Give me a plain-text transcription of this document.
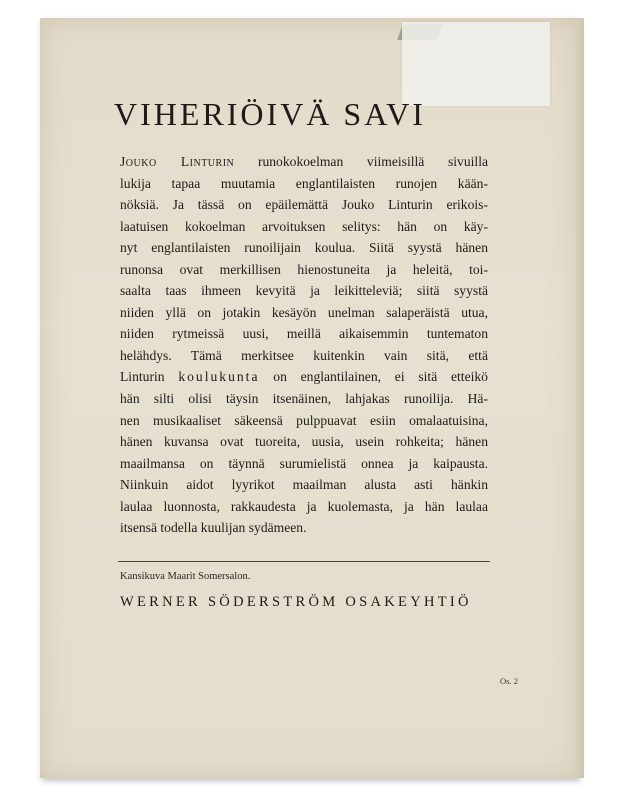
VIHERIÖIVÄ SAVI
Jouko Linturin runokokoelman viimeisillä sivuilla
lukija tapaa muutamia englantilaisten runojen kään-
nöksiä. Ja tässä on epäilemättä Jouko Linturin erikois-
laatuisen kokoelman arvoituksen selitys: hän on käy-
nyt englantilaisten runoilijain koulua. Siitä syystä hänen
runonsa ovat merkillisen hienostuneita ja heleitä, toi-
saalta taas ihmeen kevyitä ja leikitteleviä; siitä syystä
niiden yllä on jotakin kesäyön unelman salaperäistä utua,
niiden rytmeissä uusi, meillä aikaisemmin tuntematon
helähdys. Tämä merkitsee kuitenkin vain sitä, että
Linturin koulukunta on englantilainen, ei sitä etteikö
hän silti olisi täysin itsenäinen, lahjakas runoilija. Hä-
nen musikaaliset säkeensä pulppuavat esiin omalaatuisina,
hänen kuvansa ovat tuoreita, uusia, usein rohkeita; hänen
maailmansa on täynnä surumielistä onnea ja kaipausta.
Niinkuin aidot lyyrikot maailman alusta asti hänkin
laulaa luonnosta, rakkaudesta ja kuolemasta, ja hän laulaa
itsensä todella kuulijan sydämeen.
Kansikuva Maarit Somersalon.
WERNER SÖDERSTRÖM OSAKEYHTIÖ
Os. 2
